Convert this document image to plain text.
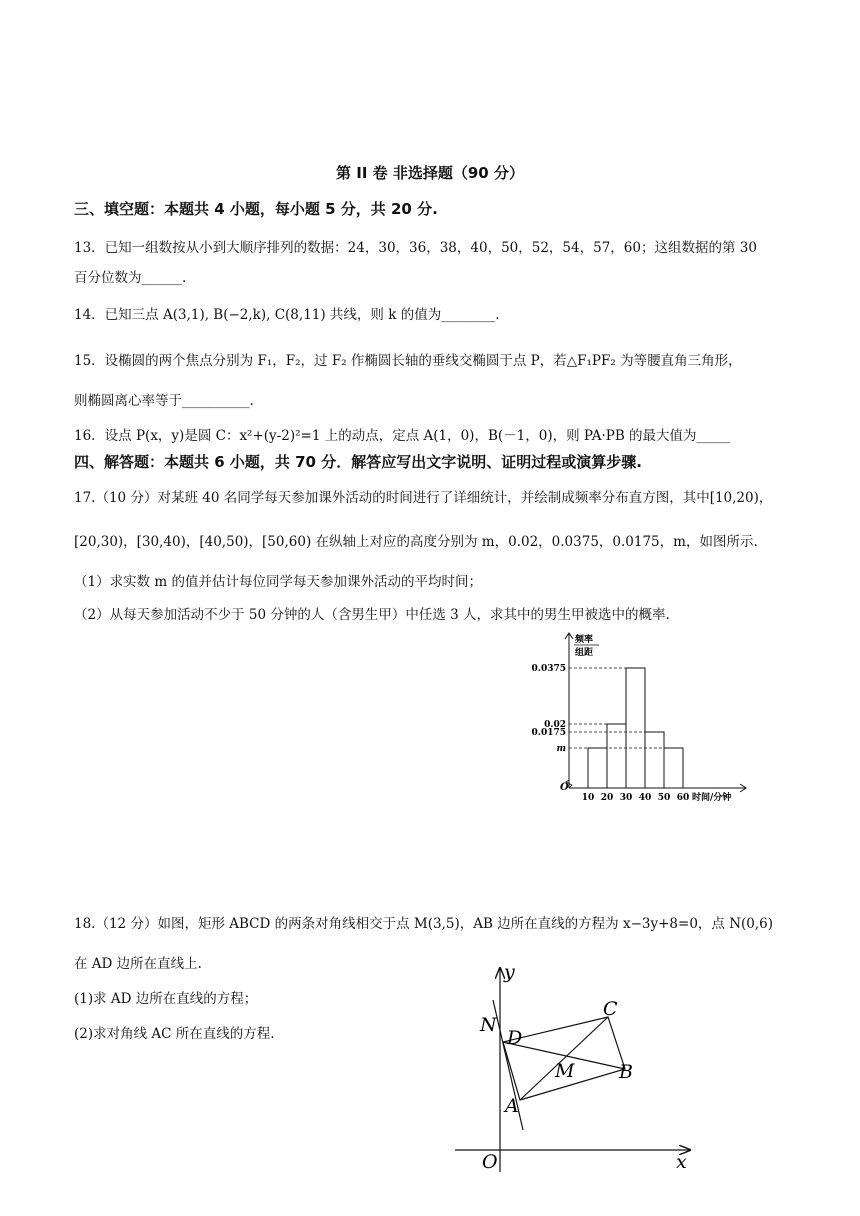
第 II 卷 非选择题（90 分）
三、填空题：本题共 4 小题，每小题 5 分，共 20 分.
13．已知一组数按从小到大顺序排列的数据：24，30，36，38，40，50，52，54，57，60；这组数据的第 30
百分位数为______.
14．已知三点 A(3,1), B(−2,k), C(8,11) 共线，则 k 的值为________.
15．设椭圆的两个焦点分别为 F₁，F₂，过 F₂ 作椭圆长轴的垂线交椭圆于点 P，若△F₁PF₂ 为等腰直角三角形，
则椭圆离心率等于__________.
16．设点 P(x，y)是圆 C：x²+(y-2)²=1 上的动点，定点 A(1，0)，B(－1，0)，则 PA·PB 的最大值为_____
四、解答题：本题共 6 小题，共 70 分．解答应写出文字说明、证明过程或演算步骤.
17.（10 分）对某班 40 名同学每天参加课外活动的时间进行了详细统计，并绘制成频率分布直方图，其中[10,20)，
[20,30)，[30,40)，[40,50)，[50,60) 在纵轴上对应的高度分别为 m，0.02，0.0375，0.0175，m，如图所示.
（1）求实数 m 的值并估计每位同学每天参加课外活动的平均时间；
（2）从每天参加活动不少于 50 分钟的人（含男生甲）中任选 3 人，求其中的男生甲被选中的概率.
m
0.02
0.0375
0.0175
10 20 30 40 50 60 时间/分钟
O
频率
组距
18.（12 分）如图，矩形 ABCD 的两条对角线相交于点 M(3,5)，AB 边所在直线的方程为 x−3y+8=0，点 N(0,6)
在 AD 边所在直线上.
(1)求 AD 边所在直线的方程；
(2)求对角线 AC 所在直线的方程.
y
x
O
N
D
C
M B
A
